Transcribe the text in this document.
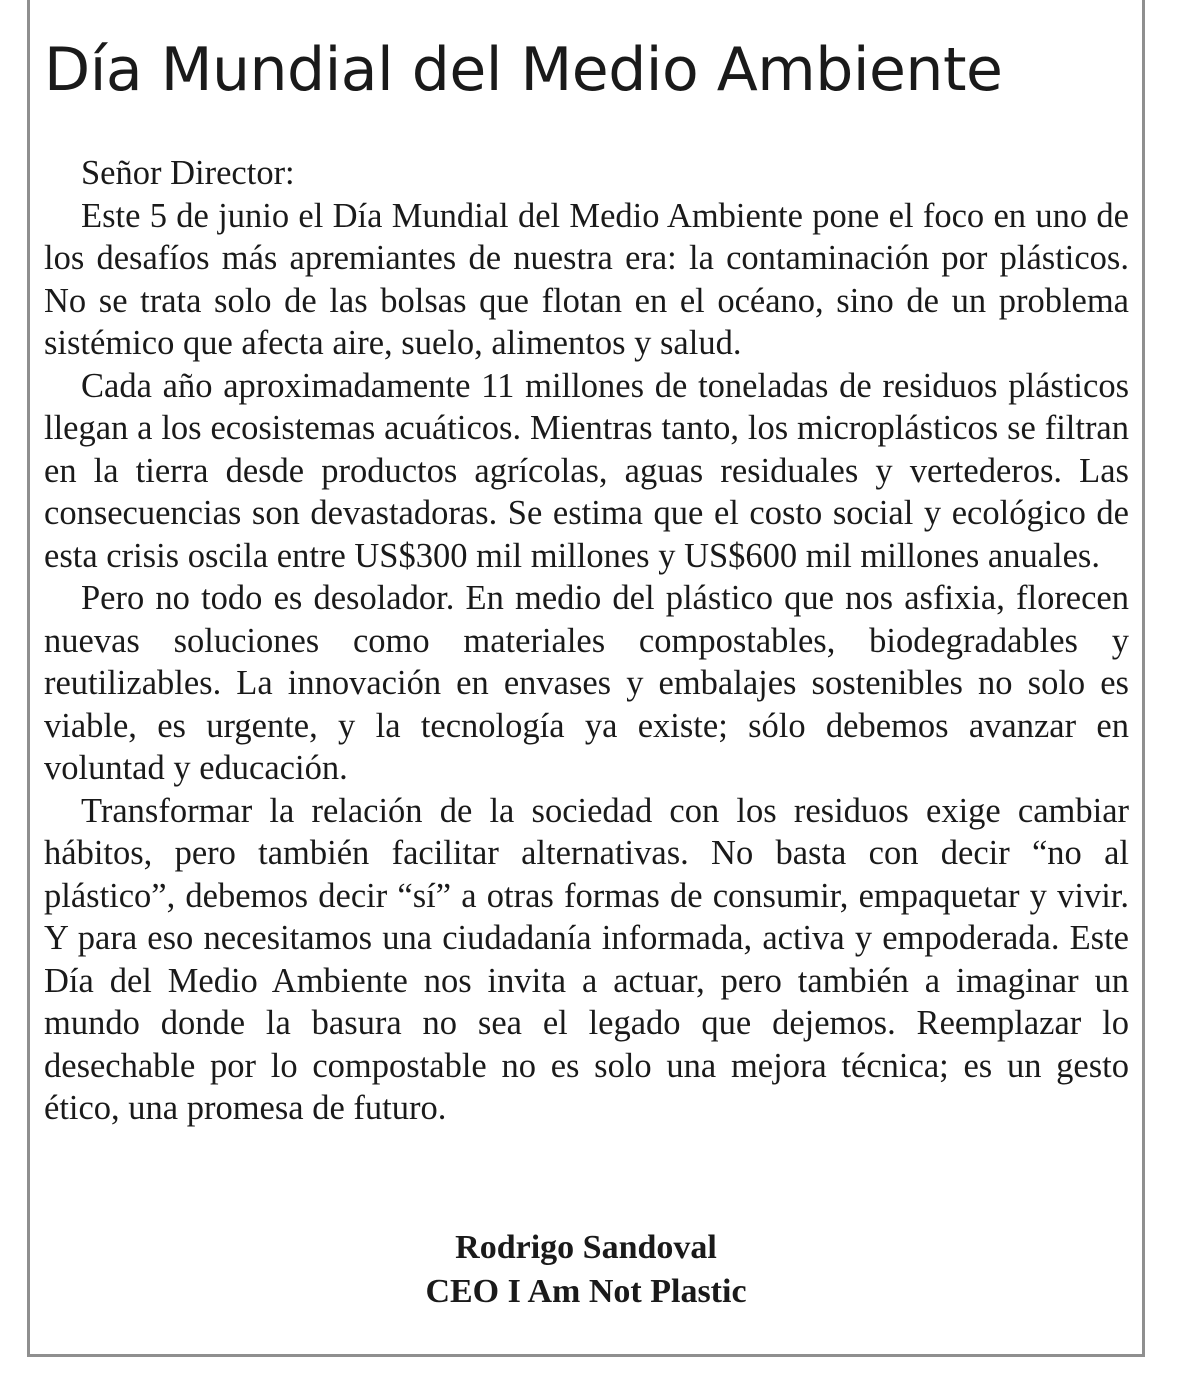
Día Mundial del Medio Ambiente

Señor Director:

Este 5 de junio el Día Mundial del Medio Ambiente pone el foco en uno de los desafíos más apremiantes de nuestra era: la contaminación por plásticos. No se trata solo de las bolsas que flotan en el océano, sino de un problema sistémico que afecta aire, suelo, alimentos y salud.

Cada año aproximadamente 11 millones de toneladas de residuos plásticos llegan a los ecosistemas acuáticos. Mientras tanto, los microplásticos se filtran en la tierra desde productos agrícolas, aguas residuales y vertederos. Las consecuencias son devastadoras. Se estima que el costo social y ecológico de esta crisis oscila entre US$300 mil millones y US$600 mil millones anuales.

Pero no todo es desolador. En medio del plástico que nos asfixia, florecen nuevas soluciones como materiales compostables, biodegradables y reutilizables. La innovación en envases y embalajes sostenibles no solo es viable, es urgente, y la tecnología ya existe; sólo debemos avanzar en voluntad y educación.

Transformar la relación de la sociedad con los residuos exige cambiar hábitos, pero también facilitar alternativas. No basta con decir “no al plástico”, debemos decir “sí” a otras formas de consumir, empaquetar y vivir. Y para eso necesitamos una ciudadanía informada, activa y empoderada. Este Día del Medio Ambiente nos invita a actuar, pero también a imaginar un mundo donde la basura no sea el legado que dejemos. Reemplazar lo desechable por lo compostable no es solo una mejora técnica; es un gesto ético, una promesa de futuro.

Rodrigo Sandoval
CEO I Am Not Plastic
